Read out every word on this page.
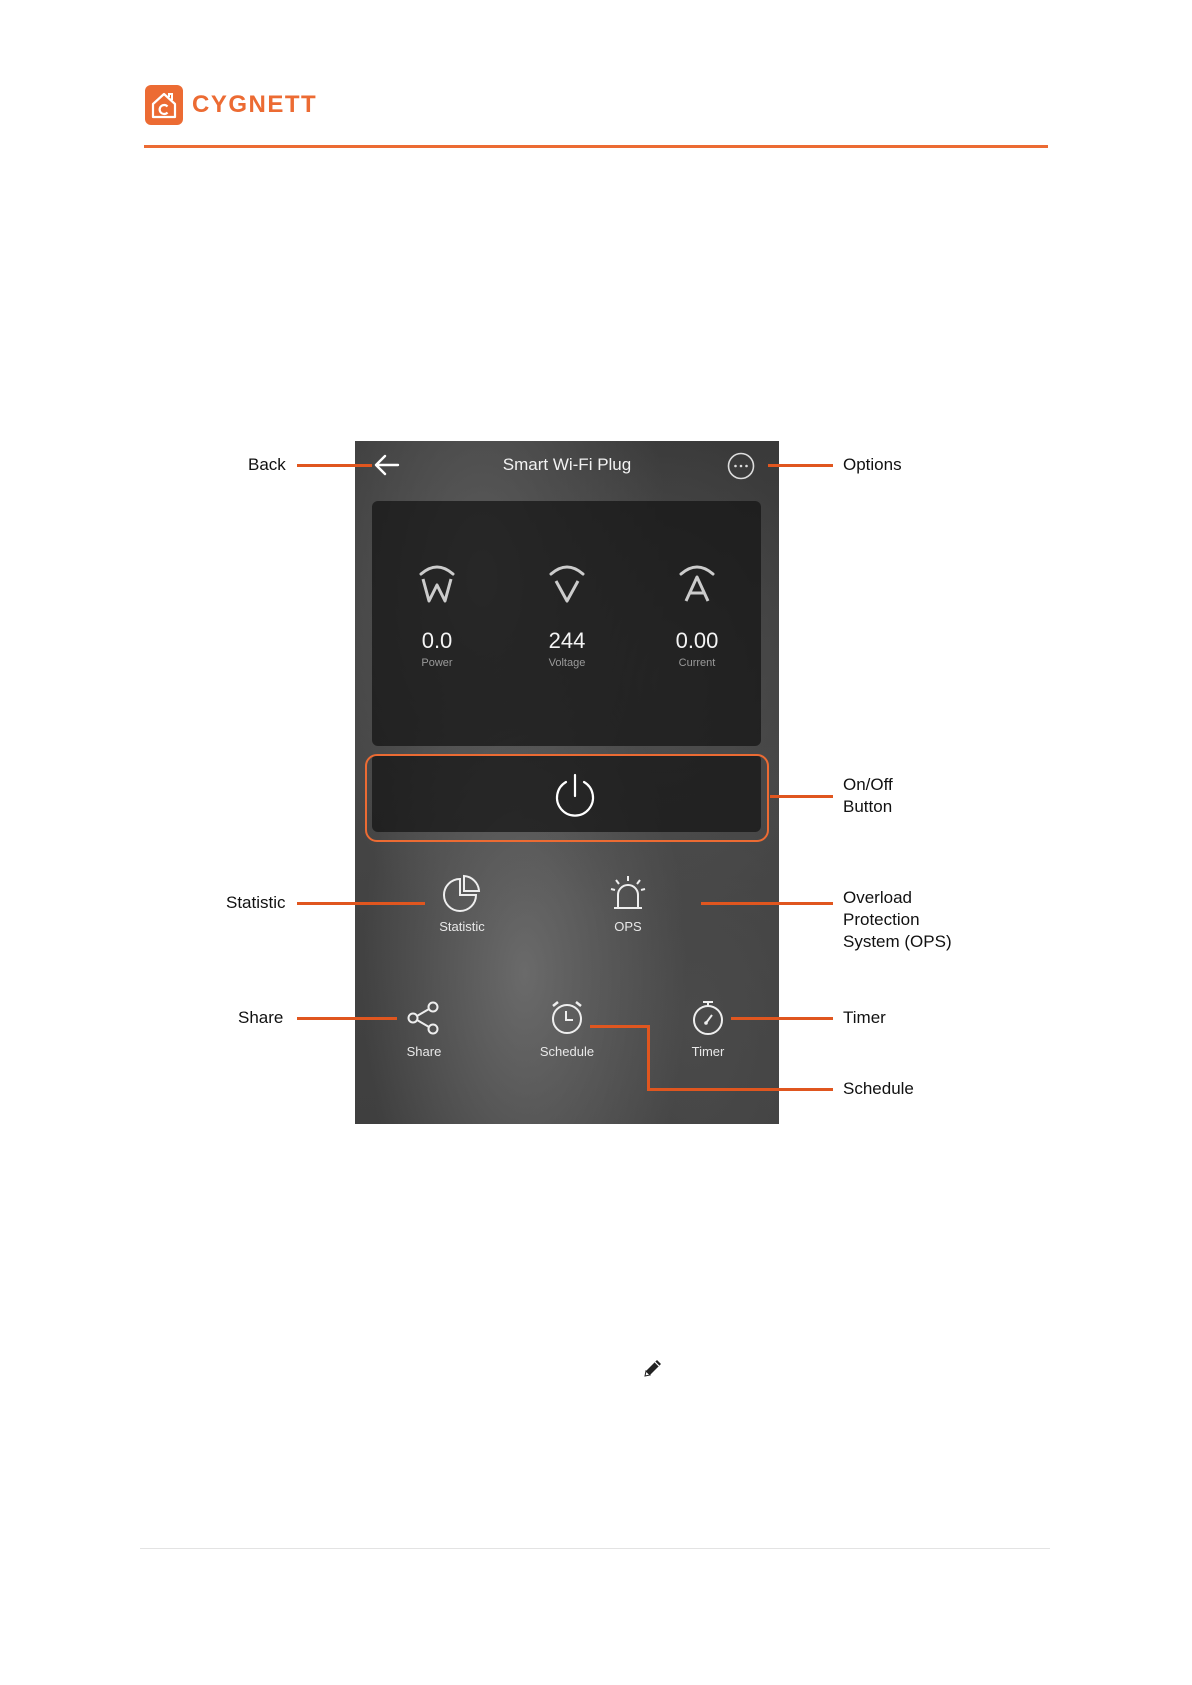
CYGNETT
Smart Wi-Fi Plug
0.0
Power
244
Voltage
0.00
Current
Statistic	OPS
Share	Schedule	Timer
Back	Options
On/Off
Button
Statistic	Overload
Protection
System (OPS)
Share	Timer
Schedule
